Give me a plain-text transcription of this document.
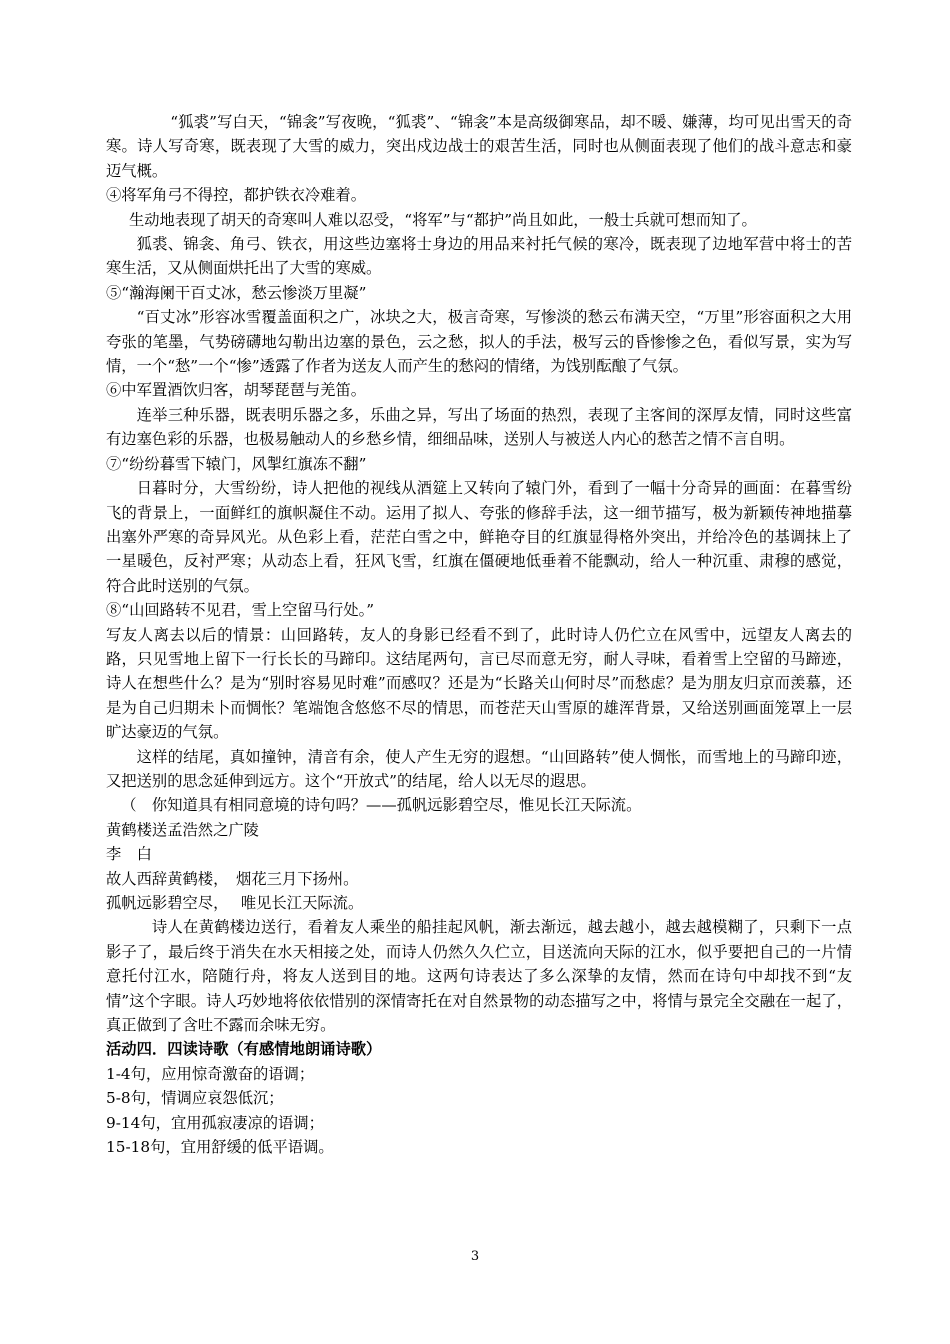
“狐裘”写白天，“锦衾”写夜晚，“狐裘”、“锦衾”本是高级御寒品，却不暖、嫌薄，均可见出雪天的奇寒。诗人写奇寒，既表现了大雪的威力，突出戍边战士的艰苦生活，同时也从侧面表现了他们的战斗意志和豪迈气概。

④将军角弓不得控，都护铁衣冷难着。

生动地表现了胡天的奇寒叫人难以忍受，“将军”与“都护”尚且如此，一般士兵就可想而知了。

狐裘、锦衾、角弓、铁衣，用这些边塞将士身边的用品来衬托气候的寒冷，既表现了边地军营中将士的苦寒生活，又从侧面烘托出了大雪的寒威。

⑤“瀚海阑干百丈冰，愁云惨淡万里凝”

“百丈冰”形容冰雪覆盖面积之广，冰块之大，极言奇寒，写惨淡的愁云布满天空，“万里”形容面积之大用夸张的笔墨，气势磅礴地勾勒出边塞的景色，云之愁，拟人的手法，极写云的昏惨惨之色，看似写景，实为写情，一个“愁”一个“惨”透露了作者为送友人而产生的愁闷的情绪，为饯别酝酿了气氛。

⑥中军置酒饮归客，胡琴琵琶与羌笛。

连举三种乐器，既表明乐器之多，乐曲之异，写出了场面的热烈，表现了主客间的深厚友情，同时这些富有边塞色彩的乐器，也极易触动人的乡愁乡情，细细品味，送别人与被送人内心的愁苦之情不言自明。

⑦“纷纷暮雪下辕门，风掣红旗冻不翻”

日暮时分，大雪纷纷，诗人把他的视线从酒筵上又转向了辕门外，看到了一幅十分奇异的画面：在暮雪纷飞的背景上，一面鲜红的旗帜凝住不动。运用了拟人、夸张的修辞手法，这一细节描写，极为新颖传神地描摹出塞外严寒的奇异风光。从色彩上看，茫茫白雪之中，鲜艳夺目的红旗显得格外突出，并给冷色的基调抹上了一星暖色，反衬严寒；从动态上看，狂风飞雪，红旗在僵硬地低垂着不能飘动，给人一种沉重、肃穆的感觉，符合此时送别的气氛。

⑧“山回路转不见君，雪上空留马行处。”

写友人离去以后的情景：山回路转，友人的身影已经看不到了，此时诗人仍伫立在风雪中，远望友人离去的路，只见雪地上留下一行长长的马蹄印。这结尾两句，言已尽而意无穷，耐人寻味，看着雪上空留的马蹄迹，诗人在想些什么？是为“别时容易见时难”而感叹？还是为“长路关山何时尽”而愁虑？是为朋友归京而羡慕，还是为自己归期未卜而惆怅？笔端饱含悠悠不尽的情思，而苍茫天山雪原的雄浑背景，又给送别画面笼罩上一层旷达豪迈的气氛。

这样的结尾，真如撞钟，清音有余，使人产生无穷的遐想。“山回路转”使人惆怅，而雪地上的马蹄印迹，又把送别的思念延伸到远方。这个“开放式”的结尾，给人以无尽的遐思。

（　你知道具有相同意境的诗句吗？——孤帆远影碧空尽，惟见长江天际流。

黄鹤楼送孟浩然之广陵

李　白

故人西辞黄鹤楼，　烟花三月下扬州。

孤帆远影碧空尽，　 唯见长江天际流。

诗人在黄鹤楼边送行，看着友人乘坐的船挂起风帆，渐去渐远，越去越小，越去越模糊了，只剩下一点影子了，最后终于消失在水天相接之处，而诗人仍然久久伫立，目送流向天际的江水，似乎要把自己的一片情意托付江水，陪随行舟，将友人送到目的地。这两句诗表达了多么深挚的友情，然而在诗句中却找不到“友情”这个字眼。诗人巧妙地将依依惜别的深情寄托在对自然景物的动态描写之中，将情与景完全交融在一起了，真正做到了含吐不露而余味无穷。

活动四．四读诗歌（有感情地朗诵诗歌）

1-4句，应用惊奇激奋的语调；

5-8句，情调应哀怨低沉；

9-14句，宜用孤寂凄凉的语调；

15-18句，宜用舒缓的低平语调。

3
